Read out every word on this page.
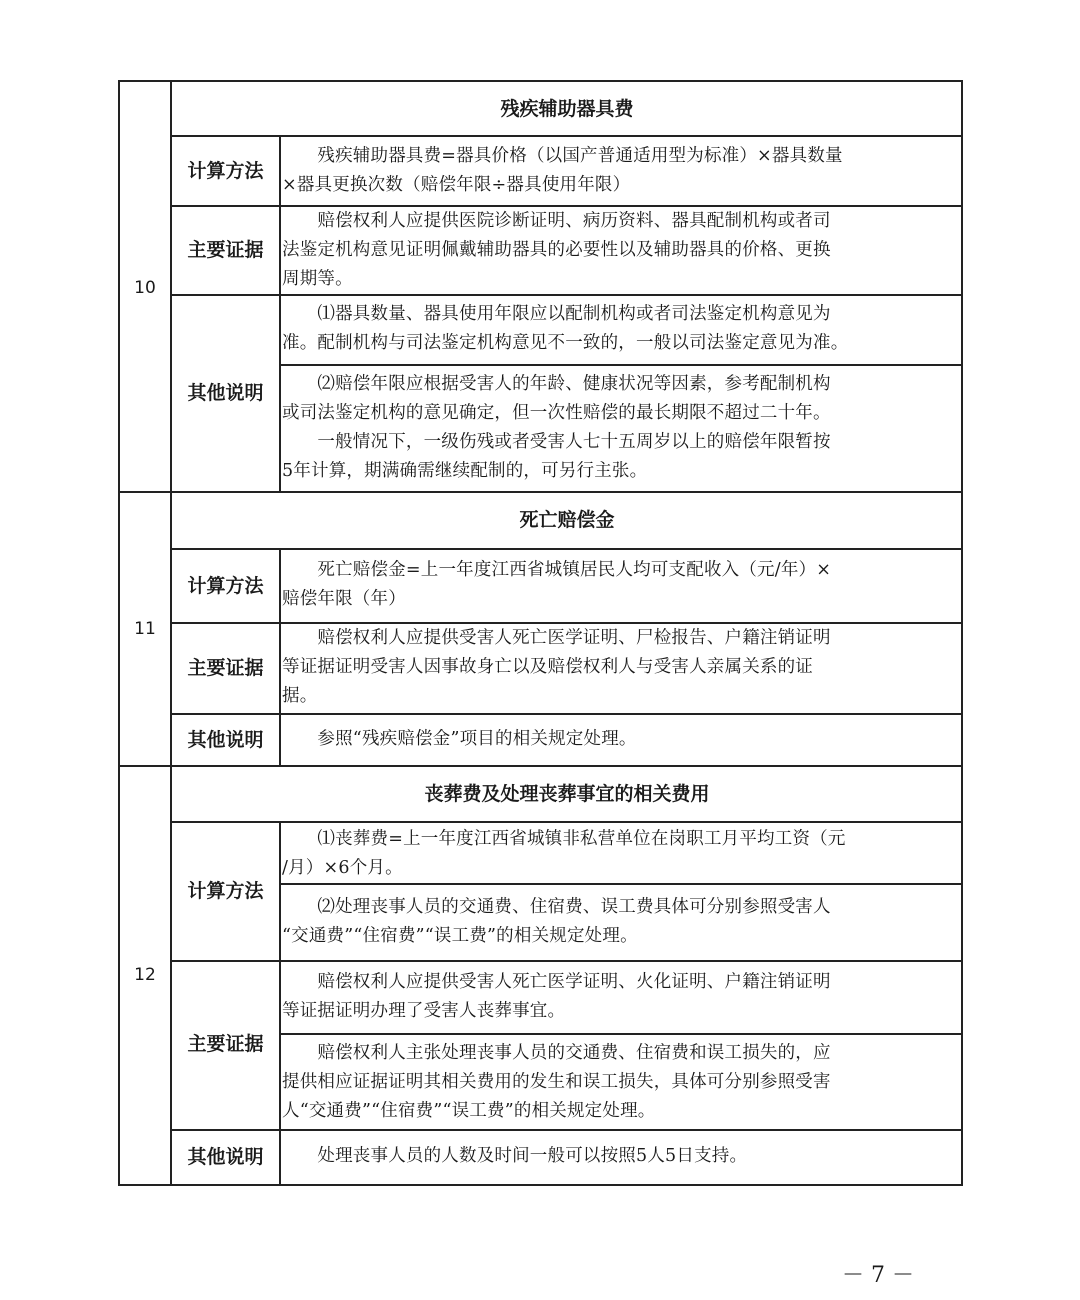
10
残疾辅助器具费
计算方法
　　残疾辅助器具费=器具价格（以国产普通适用型为标准）×器具数量
×器具更换次数（赔偿年限÷器具使用年限）
主要证据
　　赔偿权利人应提供医院诊断证明、病历资料、器具配制机构或者司
法鉴定机构意见证明佩戴辅助器具的必要性以及辅助器具的价格、更换
周期等。
其他说明
　　⑴器具数量、器具使用年限应以配制机构或者司法鉴定机构意见为
准。配制机构与司法鉴定机构意见不一致的，一般以司法鉴定意见为准。
　　⑵赔偿年限应根据受害人的年龄、健康状况等因素，参考配制机构
或司法鉴定机构的意见确定，但一次性赔偿的最长期限不超过二十年。
　　一般情况下，一级伤残或者受害人七十五周岁以上的赔偿年限暂按
5年计算，期满确需继续配制的，可另行主张。
11
死亡赔偿金
计算方法
　　死亡赔偿金=上一年度江西省城镇居民人均可支配收入（元/年）×
赔偿年限（年）
主要证据
　　赔偿权利人应提供受害人死亡医学证明、尸检报告、户籍注销证明
等证据证明受害人因事故身亡以及赔偿权利人与受害人亲属关系的证
据。
其他说明	　　参照“残疾赔偿金”项目的相关规定处理。
12
丧葬费及处理丧葬事宜的相关费用
计算方法
　　⑴丧葬费=上一年度江西省城镇非私营单位在岗职工月平均工资（元
/月）×6个月。
　　⑵处理丧事人员的交通费、住宿费、误工费具体可分别参照受害人
“交通费”“住宿费”“误工费”的相关规定处理。
主要证据
　　赔偿权利人应提供受害人死亡医学证明、火化证明、户籍注销证明
等证据证明办理了受害人丧葬事宜。
　　赔偿权利人主张处理丧事人员的交通费、住宿费和误工损失的，应
提供相应证据证明其相关费用的发生和误工损失，具体可分别参照受害
人“交通费”“住宿费”“误工费”的相关规定处理。
其他说明	　　处理丧事人员的人数及时间一般可以按照5人5日支持。
－ 7 －
